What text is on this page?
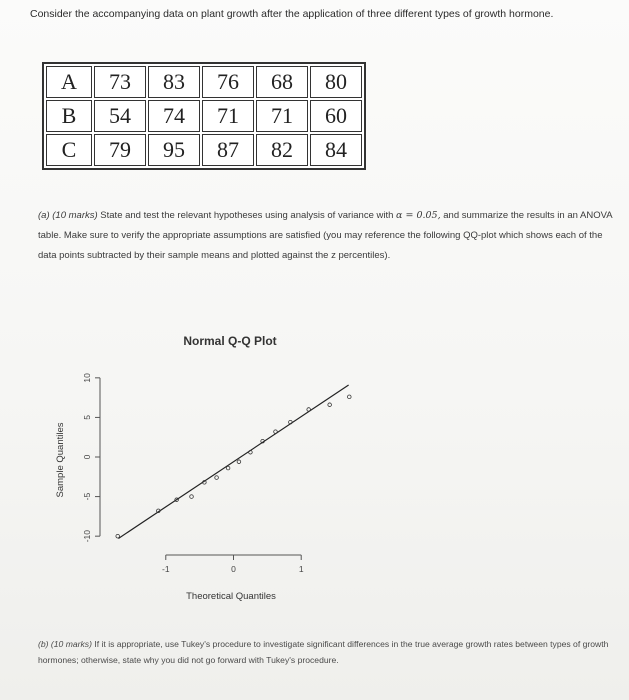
Consider the accompanying data on plant growth after the application of three different types of growth hormone.
A	73	83	76	68	80
B	54	74	71	71	60
C	79	95	87	82	84
(a) (10 marks) State and test the relevant hypotheses using analysis of variance with α = 0.05, and summarize the results in an ANOVA table. Make sure to verify the appropriate assumptions are satisfied (you may reference the following QQ-plot which shows each of the data points subtracted by their sample means and plotted against the z percentiles).
Normal Q-Q Plot
Theoretical Quantiles
Sample Quantiles
-1	0	1
-10
-5
0
5
10
(b) (10 marks) If it is appropriate, use Tukey's procedure to investigate significant differences in the true average growth rates between types of growth hormones; otherwise, state why you did not go forward with Tukey's procedure.
